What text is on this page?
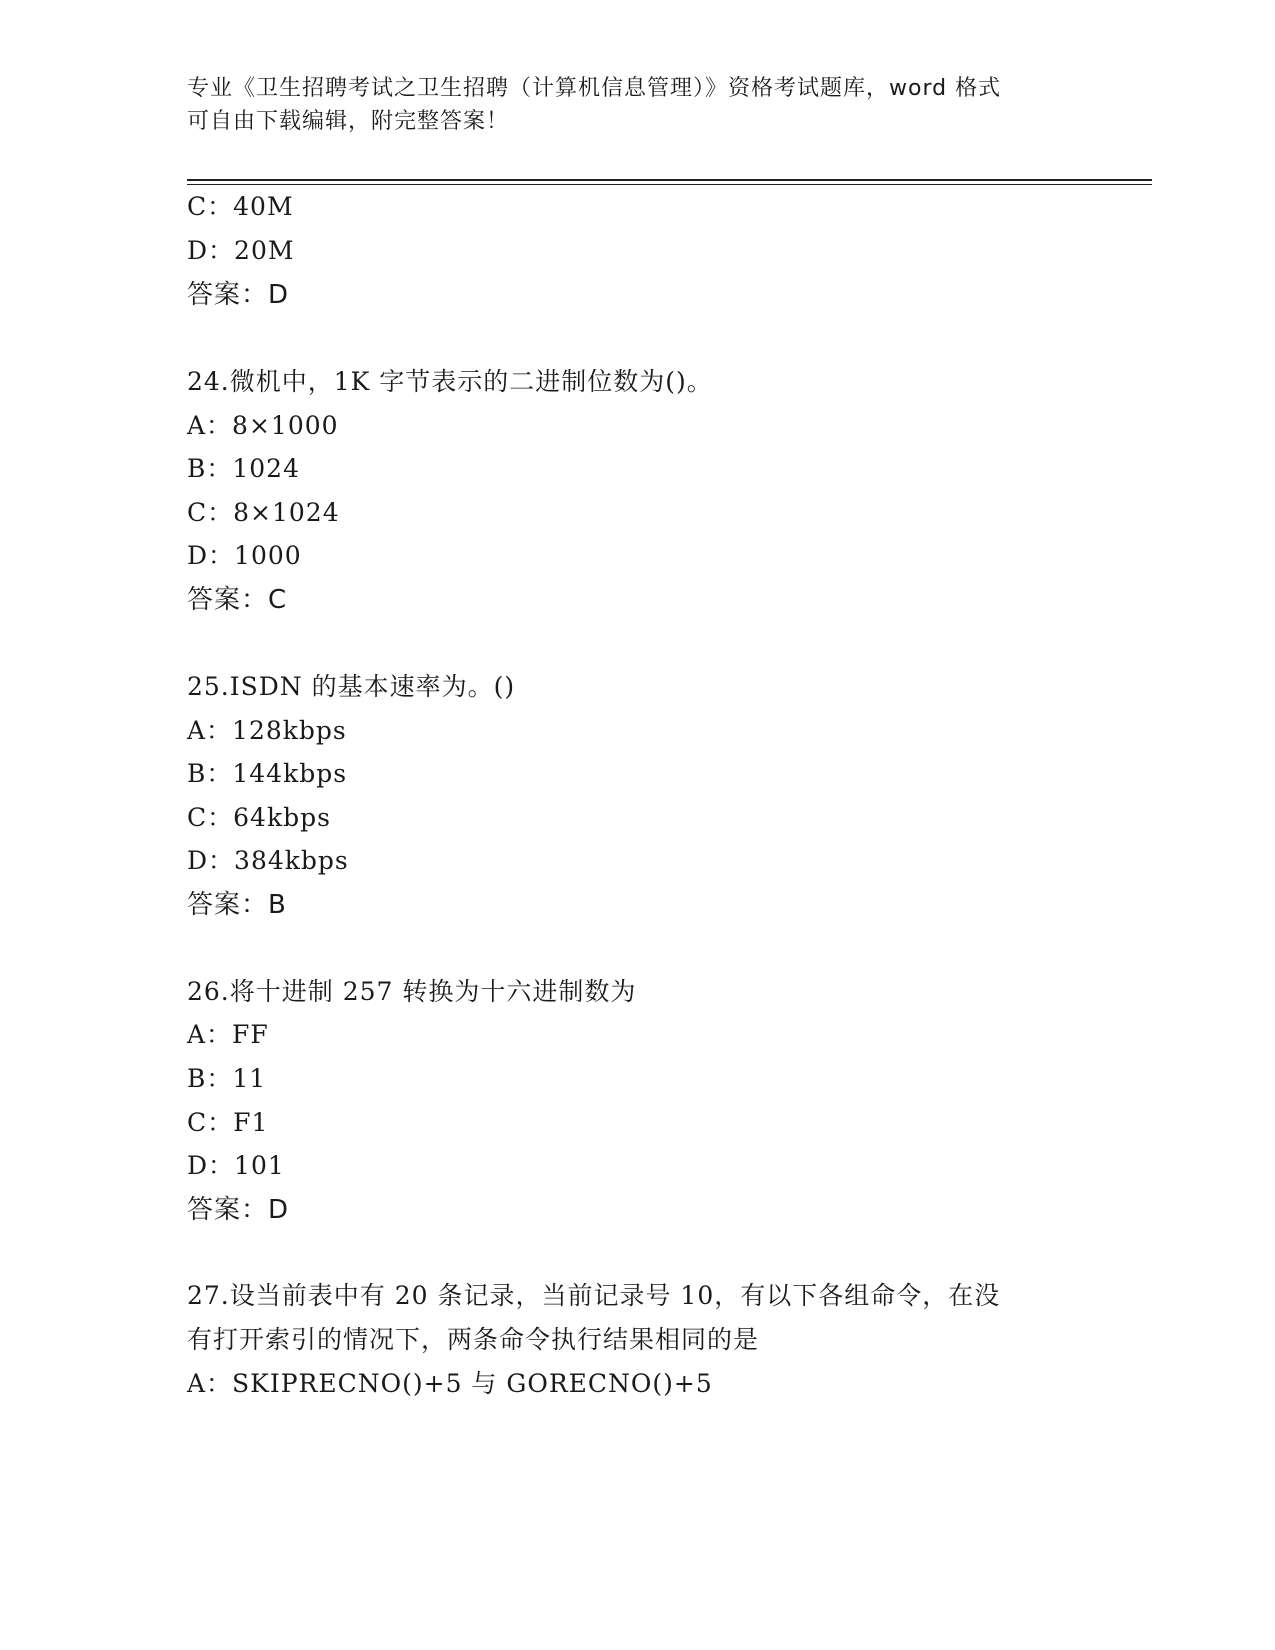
专业《卫生招聘考试之卫生招聘（计算机信息管理）》资格考试题库，word 格式
可自由下载编辑，附完整答案！
C：40M
D：20M
答案：D
24.微机中，1K 字节表示的二进制位数为()。
A：8×1000
B：1024
C：8×1024
D：1000
答案：C
25.ISDN 的基本速率为。()
A：128kbps
B：144kbps
C：64kbps
D：384kbps
答案：B
26.将十进制 257 转换为十六进制数为
A：FF
B：11
C：F1
D：101
答案：D
27.设当前表中有 20 条记录，当前记录号 10，有以下各组命令，在没
有打开索引的情况下，两条命令执行结果相同的是
A：SKIPRECNO()+5 与 GORECNO()+5
